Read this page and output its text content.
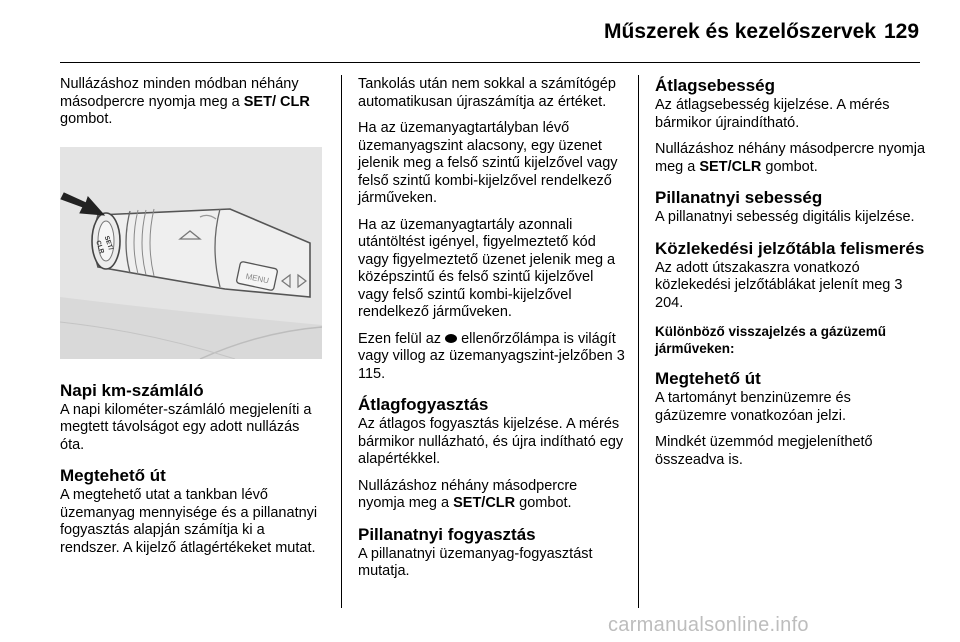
Műszerek és kezelőszervek 129

Nullázáshoz minden módban néhány másodpercre nyomja meg a SET/ CLR gombot.

MENU
SET/
CLR
Napi km-számláló

A napi kilométer-számláló megjeleníti a megtett távolságot egy adott nullázás óta.

Megtehető út

A megtehető utat a tankban lévő üzemanyag mennyisége és a pillanatnyi fogyasztás alapján számítja ki a rendszer. A kijelző átlagértékeket mutat.

Tankolás után nem sokkal a számítógép automatikusan újraszámítja az értéket.

Ha az üzemanyagtartályban lévő üzemanyagszint alacsony, egy üzenet jelenik meg a felső szintű kijelzővel vagy felső szintű kombi-kijelzővel rendelkező járműveken.

Ha az üzemanyagtartály azonnali utántöltést igényel, figyelmeztető kód vagy figyelmeztető üzenet jelenik meg a középszintű és felső szintű kijelzővel vagy felső szintű kombi-kijelzővel rendelkező járműveken.

Ezen felül az  ellenőrzőlámpa is világít vagy villog az üzemanyagszint-jelzőben 3 115.

Átlagfogyasztás

Az átlagos fogyasztás kijelzése. A mérés bármikor nullázható, és újra indítható egy alapértékkel.

Nullázáshoz néhány másodpercre nyomja meg a SET/CLR gombot.

Pillanatnyi fogyasztás

A pillanatnyi üzemanyag-fogyasztást mutatja.

Átlagsebesség

Az átlagsebesség kijelzése. A mérés bármikor újraindítható.

Nullázáshoz néhány másodpercre nyomja meg a SET/CLR gombot.

Pillanatnyi sebesség

A pillanatnyi sebesség digitális kijelzése.

Közlekedési jelzőtábla felismerés

Az adott útszakaszra vonatkozó közlekedési jelzőtáblákat jelenít meg 3 204.

Különböző visszajelzés a gázüzemű járműveken:
Megtehető út

A tartományt benzinüzemre és gázüzemre vonatkozóan jelzi.

Mindkét üzemmód megjeleníthető összeadva is.

carmanualsonline.info
